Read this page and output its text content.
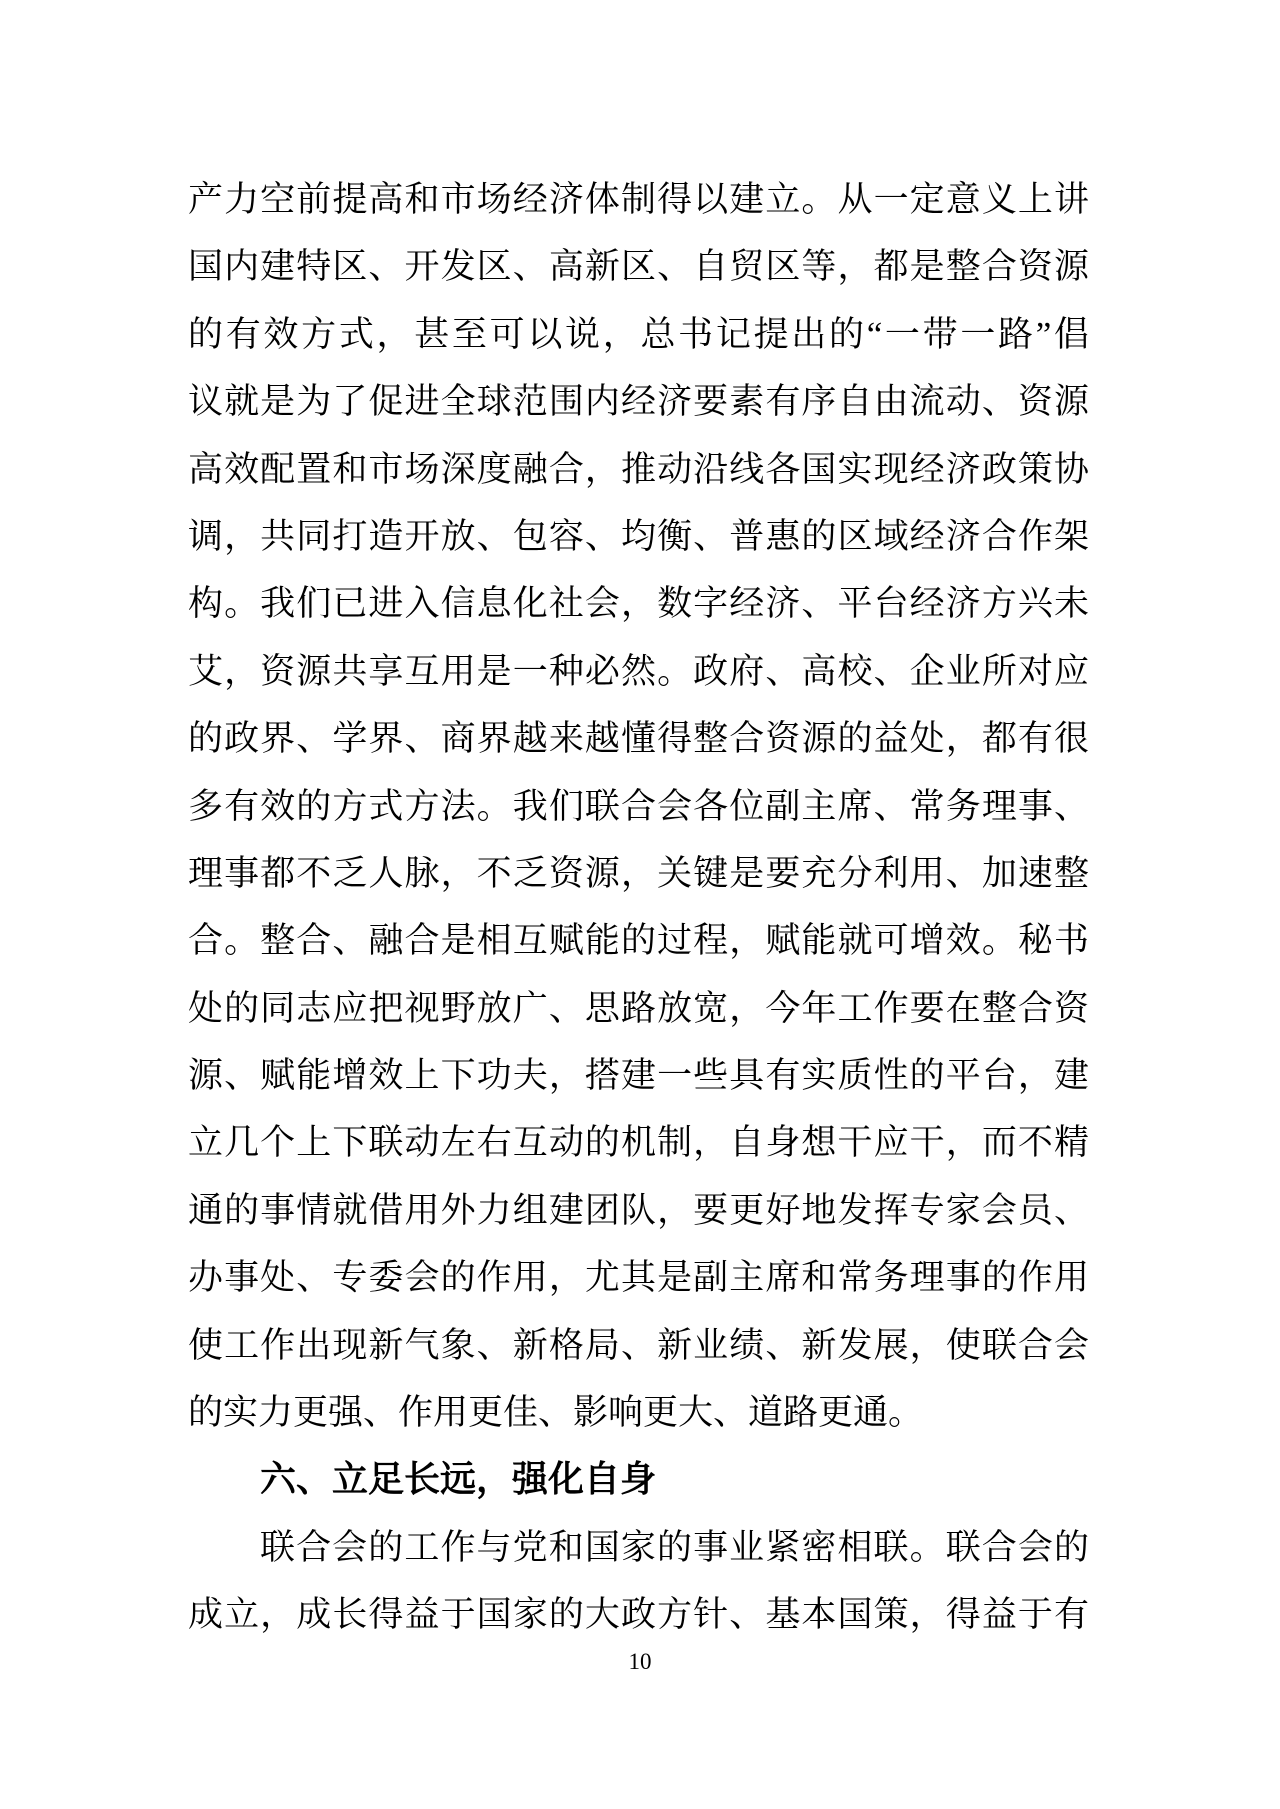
产力空前提高和市场经济体制得以建立。从一定意义上讲
国内建特区、开发区、高新区、自贸区等，都是整合资源
的有效方式，甚至可以说，总书记提出的“一带一路”倡
议就是为了促进全球范围内经济要素有序自由流动、资源
高效配置和市场深度融合，推动沿线各国实现经济政策协
调，共同打造开放、包容、均衡、普惠的区域经济合作架
构。我们已进入信息化社会，数字经济、平台经济方兴未
艾，资源共享互用是一种必然。政府、高校、企业所对应
的政界、学界、商界越来越懂得整合资源的益处，都有很
多有效的方式方法。我们联合会各位副主席、常务理事、
理事都不乏人脉，不乏资源，关键是要充分利用、加速整
合。整合、融合是相互赋能的过程，赋能就可增效。秘书
处的同志应把视野放广、思路放宽，今年工作要在整合资
源、赋能增效上下功夫，搭建一些具有实质性的平台，建
立几个上下联动左右互动的机制，自身想干应干，而不精
通的事情就借用外力组建团队，要更好地发挥专家会员、
办事处、专委会的作用，尤其是副主席和常务理事的作用
使工作出现新气象、新格局、新业绩、新发展，使联合会
的实力更强、作用更佳、影响更大、道路更通。
六、立足长远，强化自身
联合会的工作与党和国家的事业紧密相联。联合会的
成立，成长得益于国家的大政方针、基本国策，得益于有
10
